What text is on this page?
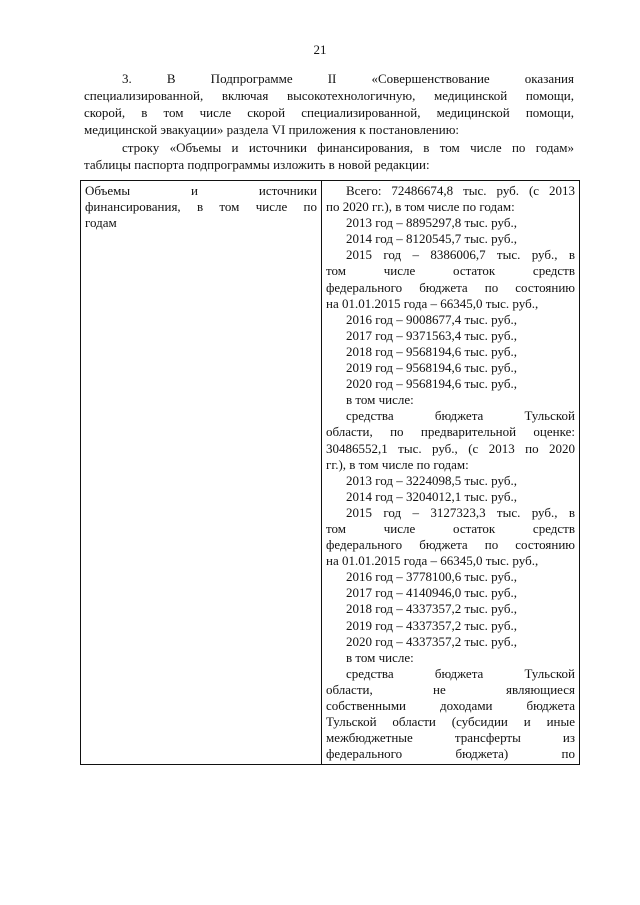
21
3. В Подпрограмме II «Совершенствование оказания
специализированной, включая высокотехнологичную, медицинской помощи,
скорой, в том числе скорой специализированной, медицинской помощи,
медицинской эвакуации» раздела VI приложения к постановлению:
строку «Объемы и источники финансирования, в том числе по годам»
таблицы паспорта подпрограммы изложить в новой редакции:
Объемы и источники
финансирования, в том числе по
годам

Всего: 72486674,8 тыс. руб. (с 2013
по 2020 гг.), в том числе по годам:
2013 год – 8895297,8 тыс. руб.,
2014 год – 8120545,7 тыс. руб.,
2015 год – 8386006,7 тыс. руб., в
том числе остаток средств
федерального бюджета по состоянию
на 01.01.2015 года – 66345,0 тыс. руб.,
2016 год – 9008677,4 тыс. руб.,
2017 год – 9371563,4 тыс. руб.,
2018 год – 9568194,6 тыс. руб.,
2019 год – 9568194,6 тыс. руб.,
2020 год – 9568194,6 тыс. руб.,
в том числе:
средства бюджета Тульской
области, по предварительной оценке:
30486552,1 тыс. руб., (с 2013 по 2020
гг.), в том числе по годам:
2013 год – 3224098,5 тыс. руб.,
2014 год – 3204012,1 тыс. руб.,
2015 год – 3127323,3 тыс. руб., в
том числе остаток средств
федерального бюджета по состоянию
на 01.01.2015 года – 66345,0 тыс. руб.,
2016 год – 3778100,6 тыс. руб.,
2017 год – 4140946,0 тыс. руб.,
2018 год – 4337357,2 тыс. руб.,
2019 год – 4337357,2 тыс. руб.,
2020 год – 4337357,2 тыс. руб.,
в том числе:
средства бюджета Тульской
области, не являющиеся
собственными доходами бюджета
Тульской области (субсидии и иные
межбюджетные трансферты из
федерального бюджета) по
